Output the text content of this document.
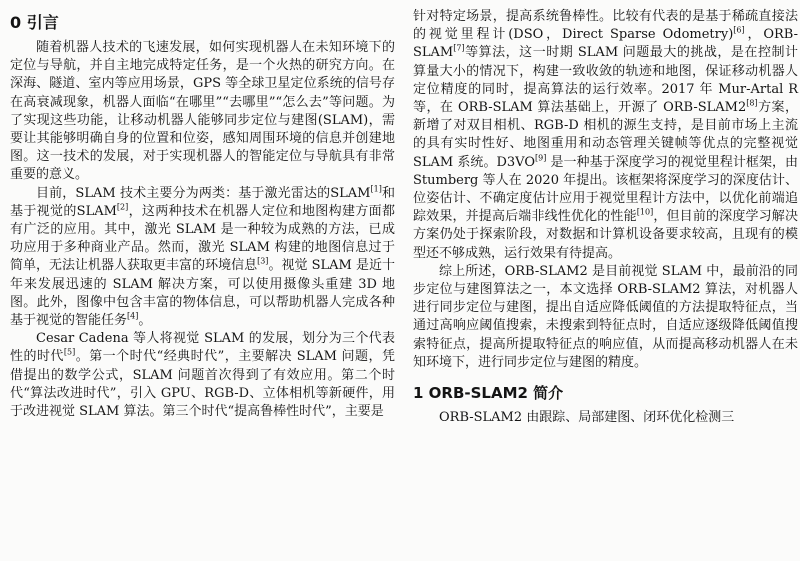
0 引言

随着机器人技术的飞速发展，如何实现机器人在未知环境下的定位与导航，并自主地完成特定任务，是一个火热的研究方向。在深海、隧道、室内等应用场景，GPS 等全球卫星定位系统的信号存在高衰减现象，机器人面临“在哪里”“去哪里”“怎么去”等问题。为了实现这些功能，让移动机器人能够同步定位与建图(SLAM)，需要让其能够明确自身的位置和位姿，感知周围环境的信息并创建地图。这一技术的发展，对于实现机器人的智能定位与导航具有非常重要的意义。

目前，SLAM 技术主要分为两类：基于激光雷达的SLAM[1]和基于视觉的SLAM[2]，这两种技术在机器人定位和地图构建方面都有广泛的应用。其中，激光 SLAM 是一种较为成熟的方法，已成功应用于多种商业产品。然而，激光 SLAM 构建的地图信息过于简单，无法让机器人获取更丰富的环境信息[3]。视觉 SLAM 是近十年来发展迅速的 SLAM 解决方案，可以使用摄像头重建 3D 地图。此外，图像中包含丰富的物体信息，可以帮助机器人完成各种基于视觉的智能任务[4]。

Cesar Cadena 等人将视觉 SLAM 的发展，划分为三个代表性的时代[5]。第一个时代“经典时代”，主要解决 SLAM 问题，凭借提出的数学公式，SLAM 问题首次得到了有效应用。第二个时代“算法改进时代”，引入 GPU、RGB-D、立体相机等新硬件，用于改进视觉 SLAM 算法。第三个时代“提高鲁棒性时代”，主要是

针对特定场景，提高系统鲁棒性。比较有代表的是基于稀疏直接法的视觉里程计(DSO，Direct Sparse Odometry)[6]，ORB-SLAM[7]等算法，这一时期 SLAM 问题最大的挑战，是在控制计算量大小的情况下，构建一致收敛的轨迹和地图，保证移动机器人定位精度的同时，提高算法的运行效率。2017 年 Mur-Artal R 等，在 ORB-SLAM 算法基础上，开源了 ORB-SLAM2[8]方案，新增了对双目相机、RGB-D 相机的源生支持，是目前市场上主流的具有实时性好、地图重用和动态管理关键帧等优点的完整视觉 SLAM 系统。D3VO[9] 是一种基于深度学习的视觉里程计框架，由 Stumberg 等人在 2020 年提出。该框架将深度学习的深度估计、位姿估计、不确定度估计应用于视觉里程计方法中，以优化前端追踪效果，并提高后端非线性优化的性能[10]，但目前的深度学习解决方案仍处于探索阶段，对数据和计算机设备要求较高，且现有的模型还不够成熟，运行效果有待提高。

综上所述，ORB-SLAM2 是目前视觉 SLAM 中，最前沿的同步定位与建图算法之一，本文选择 ORB-SLAM2 算法，对机器人进行同步定位与建图，提出自适应降低阈值的方法提取特征点，当通过高响应阈值搜索，未搜索到特征点时，自适应逐级降低阈值搜索特征点，提高所提取特征点的响应值，从而提高移动机器人在未知环境下，进行同步定位与建图的精度。

1 ORB-SLAM2 简介

ORB-SLAM2 由跟踪、局部建图、闭环优化检测三
